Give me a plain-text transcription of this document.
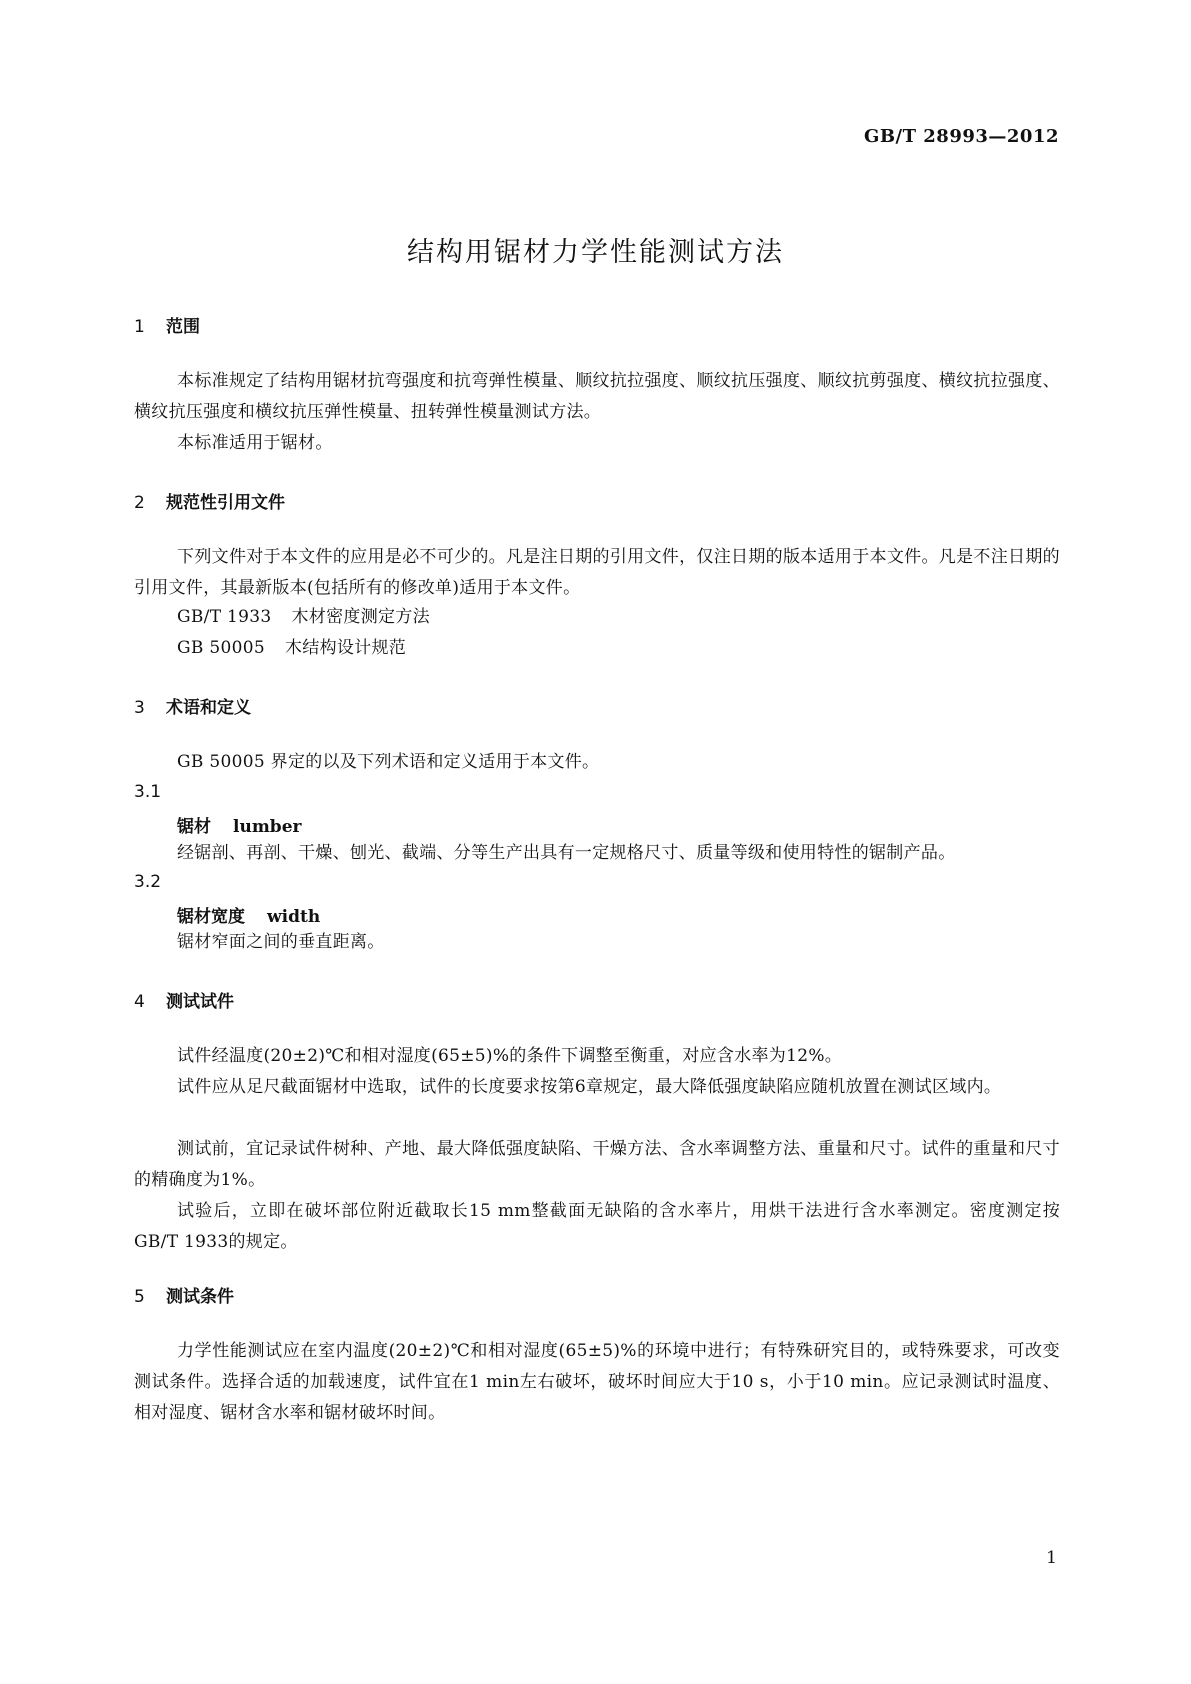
GB/T 28993—2012
结构用锯材力学性能测试方法
1 范围
本标准规定了结构用锯材抗弯强度和抗弯弹性模量、顺纹抗拉强度、顺纹抗压强度、顺纹抗剪强度、横纹抗拉强度、横纹抗压强度和横纹抗压弹性模量、扭转弹性模量测试方法。
本标准适用于锯材。
2 规范性引用文件
下列文件对于本文件的应用是必不可少的。凡是注日期的引用文件，仅注日期的版本适用于本文件。凡是不注日期的引用文件，其最新版本(包括所有的修改单)适用于本文件。
GB/T 1933 木材密度测定方法
GB 50005 木结构设计规范
3 术语和定义
GB 50005 界定的以及下列术语和定义适用于本文件。
3.1
锯材 lumber
经锯剖、再剖、干燥、刨光、截端、分等生产出具有一定规格尺寸、质量等级和使用特性的锯制产品。
3.2
锯材宽度 width
锯材窄面之间的垂直距离。
4 测试试件
试件经温度(20±2)℃和相对湿度(65±5)%的条件下调整至衡重，对应含水率为12%。
试件应从足尺截面锯材中选取，试件的长度要求按第6章规定，最大降低强度缺陷应随机放置在测试区域内。
测试前，宜记录试件树种、产地、最大降低强度缺陷、干燥方法、含水率调整方法、重量和尺寸。试件的重量和尺寸的精确度为1%。
试验后，立即在破坏部位附近截取长15 mm整截面无缺陷的含水率片，用烘干法进行含水率测定。密度测定按GB/T 1933的规定。
5 测试条件
力学性能测试应在室内温度(20±2)℃和相对湿度(65±5)%的环境中进行；有特殊研究目的，或特殊要求，可改变测试条件。选择合适的加载速度，试件宜在1 min左右破坏，破坏时间应大于10 s，小于10 min。应记录测试时温度、相对湿度、锯材含水率和锯材破坏时间。
1
